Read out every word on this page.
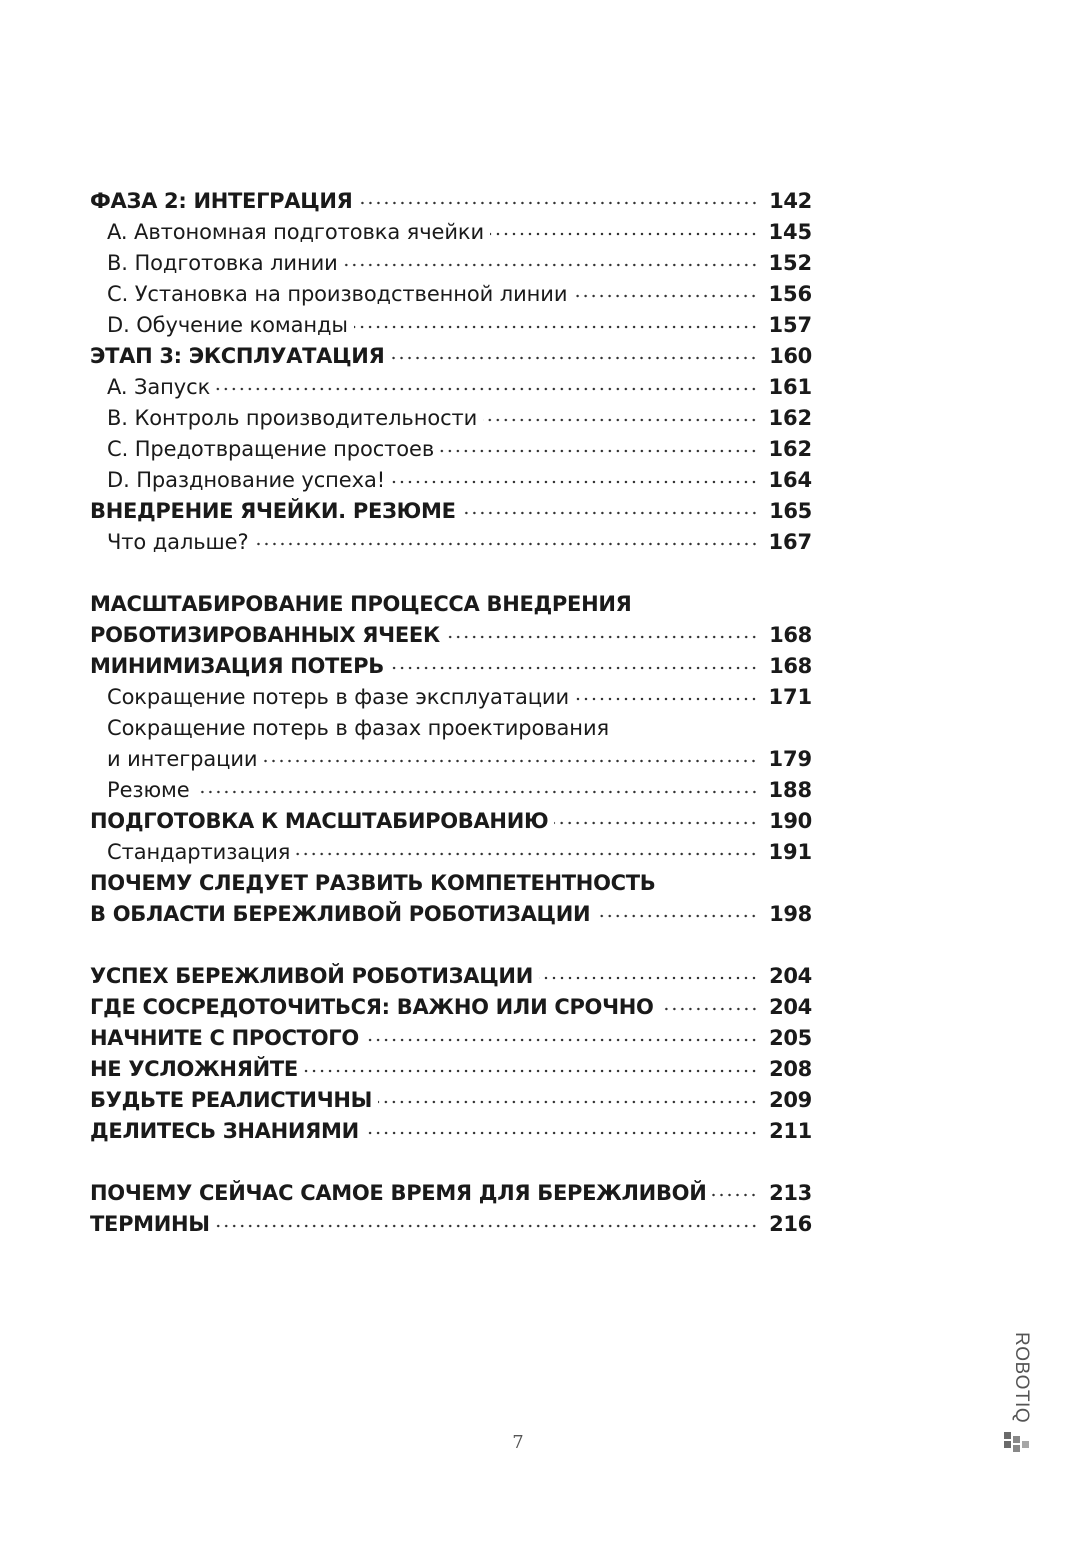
ФАЗА 2: ИНТЕГРАЦИЯ	142
A. Автономная подготовка ячейки	145
B. Подготовка линии	152
C. Установка на производственной линии	156
D. Обучение команды	157
ЭТАП 3: ЭКСПЛУАТАЦИЯ	160
A. Запуск	161
B. Контроль производительности	162
C. Предотвращение простоев	162
D. Празднование успеха!	164
ВНЕДРЕНИЕ ЯЧЕЙКИ. РЕЗЮМЕ	165
Что дальше?	167
МАСШТАБИРОВАНИЕ ПРОЦЕССА ВНЕДРЕНИЯ
РОБОТИЗИРОВАННЫХ ЯЧЕЕК	168
МИНИМИЗАЦИЯ ПОТЕРЬ	168
Сокращение потерь в фазе эксплуатации	171
Сокращение потерь в фазах проектирования
и интеграции	179
Резюме	188
ПОДГОТОВКА К МАСШТАБИРОВАНИЮ	190
Стандартизация	191
ПОЧЕМУ СЛЕДУЕТ РАЗВИТЬ КОМПЕТЕНТНОСТЬ
В ОБЛАСТИ БЕРЕЖЛИВОЙ РОБОТИЗАЦИИ	198
УСПЕХ БЕРЕЖЛИВОЙ РОБОТИЗАЦИИ	204
ГДЕ СОСРЕДОТОЧИТЬСЯ: ВАЖНО ИЛИ СРОЧНО	204
НАЧНИТЕ С ПРОСТОГО	205
НЕ УСЛОЖНЯЙТЕ	208
БУДЬТЕ РЕАЛИСТИЧНЫ	209
ДЕЛИТЕСЬ ЗНАНИЯМИ	211
ПОЧЕМУ СЕЙЧАС САМОЕ ВРЕМЯ ДЛЯ БЕРЕЖЛИВОЙ	213
ТЕРМИНЫ	216
ROBOTIQ
7
